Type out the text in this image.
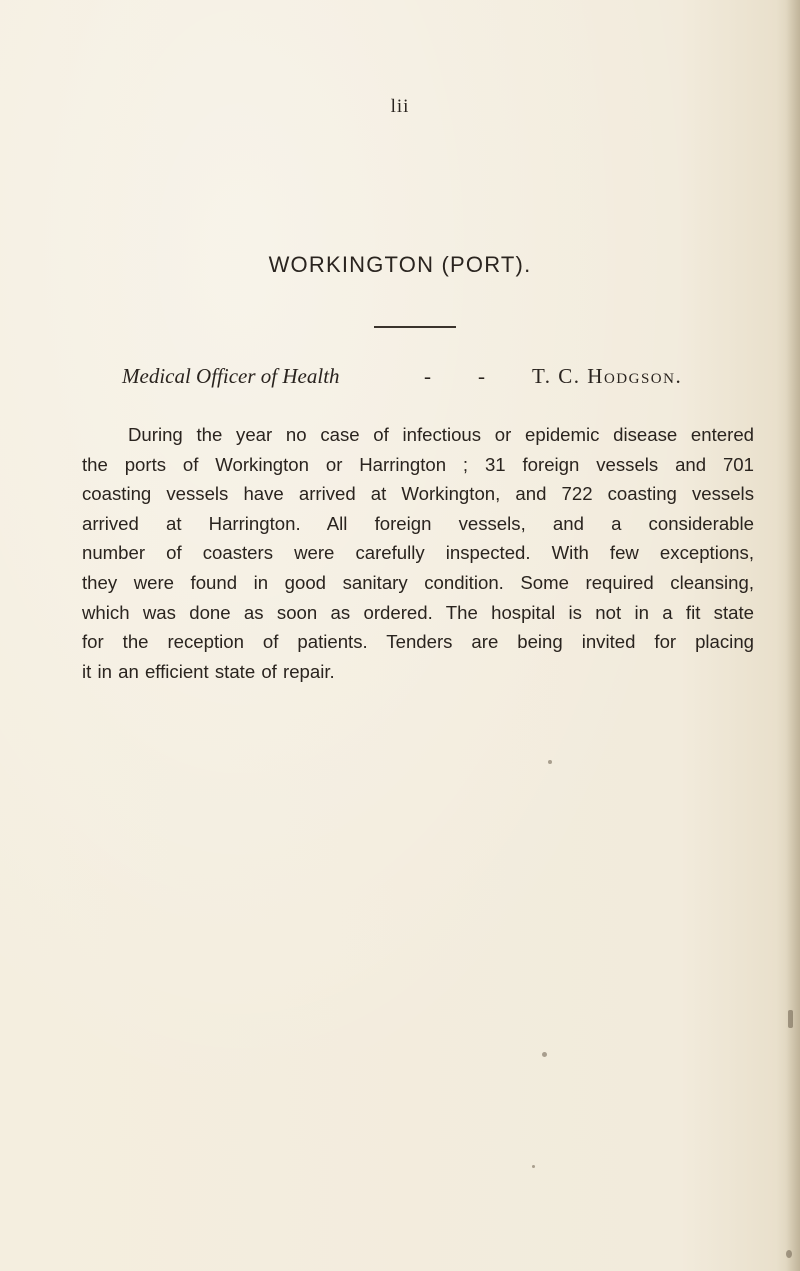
lii
WORKINGTON (PORT).
Medical Officer of Health	- - T. C. Hodgson.
During the year no case of infectious or epidemic disease entered
the ports of Workington or Harrington ; 31 foreign vessels and 701
coasting vessels have arrived at Workington, and 722 coasting vessels
arrived at Harrington. All foreign vessels, and a considerable
number of coasters were carefully inspected. With few exceptions,
they were found in good sanitary condition. Some required cleansing,
which was done as soon as ordered. The hospital is not in a fit state
for the reception of patients. Tenders are being invited for placing
it in an efficient state of repair.
